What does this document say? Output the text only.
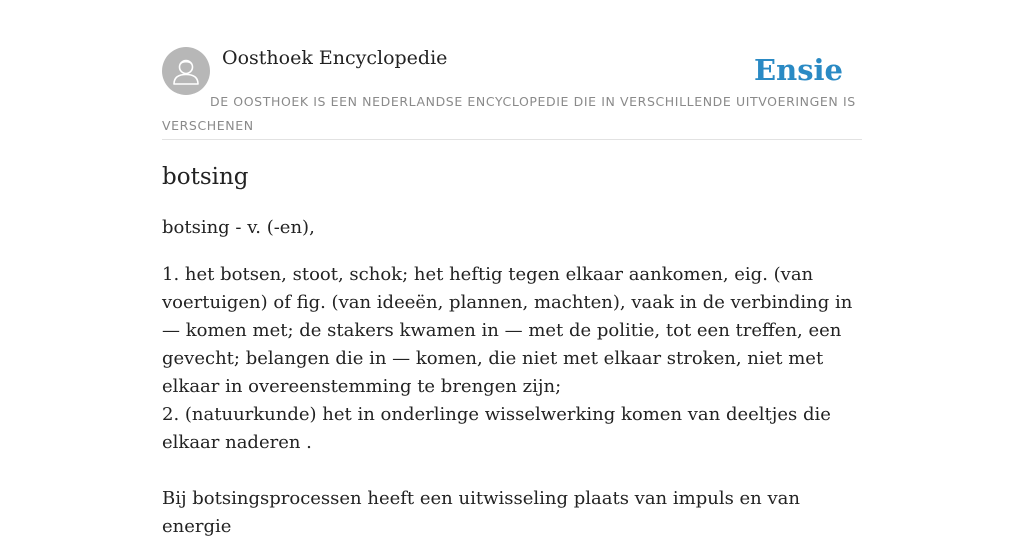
Oosthoek Encyclopedie	Ensie
DE OOSTHOEK IS EEN NEDERLANDSE ENCYCLOPEDIE DIE IN VERSCHILLENDE UITVOERINGEN IS VERSCHENEN
botsing

botsing - v. (-en),

1. het botsen, stoot, schok; het heftig tegen elkaar aankomen, eig. (van voertuigen) of fig. (van ideeën, plannen, machten), vaak in de verbinding in — komen met; de stakers kwamen in — met de politie, tot een treffen, een gevecht; belangen die in — komen, die niet met elkaar stroken, niet met elkaar in overeenstemming te brengen zijn;

2. (natuurkunde) het in onderlinge wisselwerking komen van deeltjes die elkaar naderen .

Bij botsingsprocessen heeft een uitwisseling plaats van impuls en van energie
